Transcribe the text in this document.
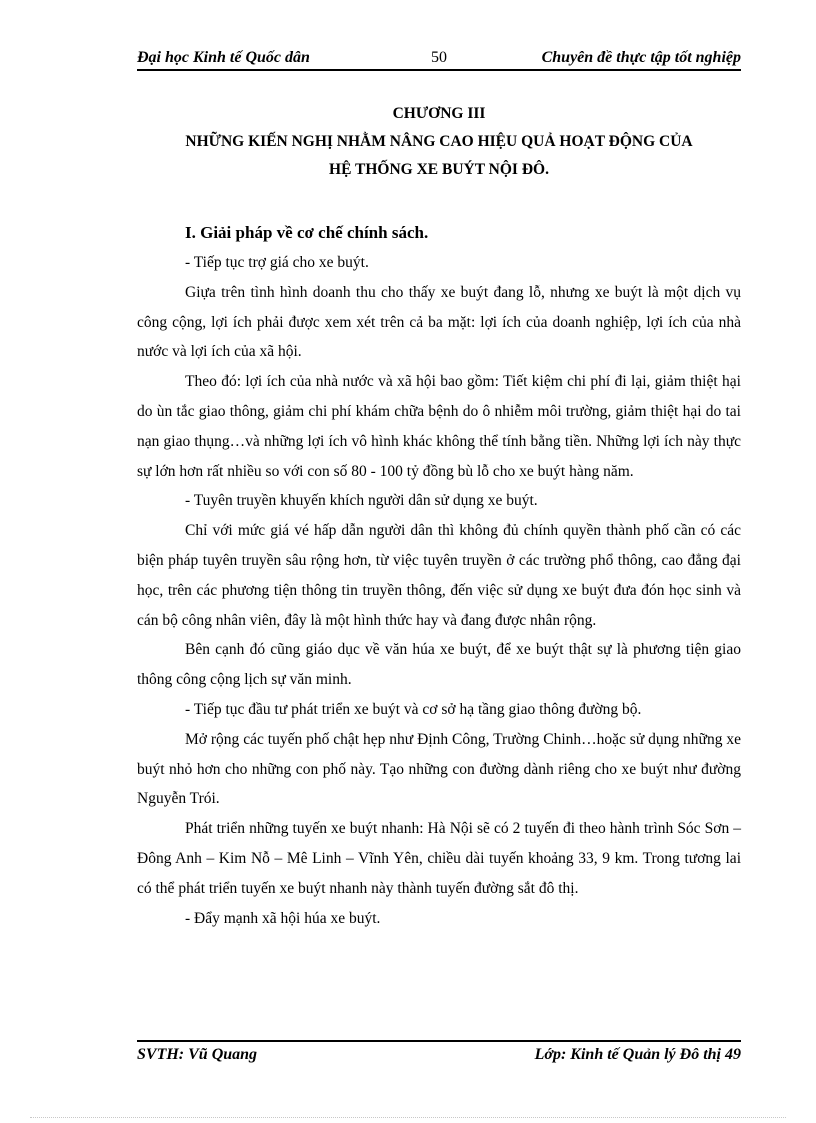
Đại học Kinh tế Quốc dân	50	Chuyên đề thực tập tốt nghiệp
CHƯƠNG III
NHỮNG KIẾN NGHỊ NHẰM NÂNG CAO HIỆU QUẢ HOẠT ĐỘNG CỦA
HỆ THỐNG XE BUÝT NỘI ĐÔ.

I. Giải pháp về cơ chế chính sách.

- Tiếp tục trợ giá cho xe buýt.

Giựa trên tình hình doanh thu cho thấy xe buýt đang lỗ, nhưng xe buýt là một dịch vụ công cộng, lợi ích phải được xem xét trên cả ba mặt: lợi ích của doanh nghiệp, lợi ích của nhà nước và lợi ích của xã hội.

Theo đó: lợi ích của nhà nước và xã hội bao gồm: Tiết kiệm chi phí đi lại, giảm thiệt hại do ùn tắc giao thông, giảm chi phí khám chữa bệnh do ô nhiễm môi trường, giảm thiệt hại do tai nạn giao thụng…và những lợi ích vô hình khác không thể tính bằng tiền. Những lợi ích này thực sự lớn hơn rất nhiều so với con số 80 - 100 tỷ đồng bù lỗ cho xe buýt hàng năm.

- Tuyên truyền khuyến khích người dân sử dụng xe buýt.

Chỉ với mức giá vé hấp dẫn người dân thì không đủ chính quyền thành phố cần có các biện pháp tuyên truyền sâu rộng hơn, từ việc tuyên truyền ở các trường phổ thông, cao đẳng đại học, trên các phương tiện thông tin truyền thông, đến việc sử dụng xe buýt đưa đón học sinh và cán bộ công nhân viên, đây là một hình thức hay và đang được nhân rộng.

Bên cạnh đó cũng giáo dục về văn húa xe buýt, để xe buýt thật sự là phương tiện giao thông công cộng lịch sự văn minh.

- Tiếp tục đầu tư phát triển xe buýt và cơ sở hạ tầng giao thông đường bộ.

Mở rộng các tuyến phố chật hẹp như Định Công, Trường Chinh…hoặc sử dụng những xe buýt nhỏ hơn cho những con phố này. Tạo những con đường dành riêng cho xe buýt như đường Nguyễn Trói.

Phát triển những tuyến xe buýt nhanh: Hà Nội sẽ có 2 tuyến đi theo hành trình Sóc Sơn – Đông Anh – Kim Nỗ – Mê Linh – Vĩnh Yên, chiều dài tuyến khoảng 33, 9 km. Trong tương lai có thể phát triển tuyến xe buýt nhanh này thành tuyến đường sắt đô thị.

- Đẩy mạnh xã hội húa xe buýt.

SVTH: Vũ Quang	Lớp: Kinh tế Quản lý Đô thị 49
